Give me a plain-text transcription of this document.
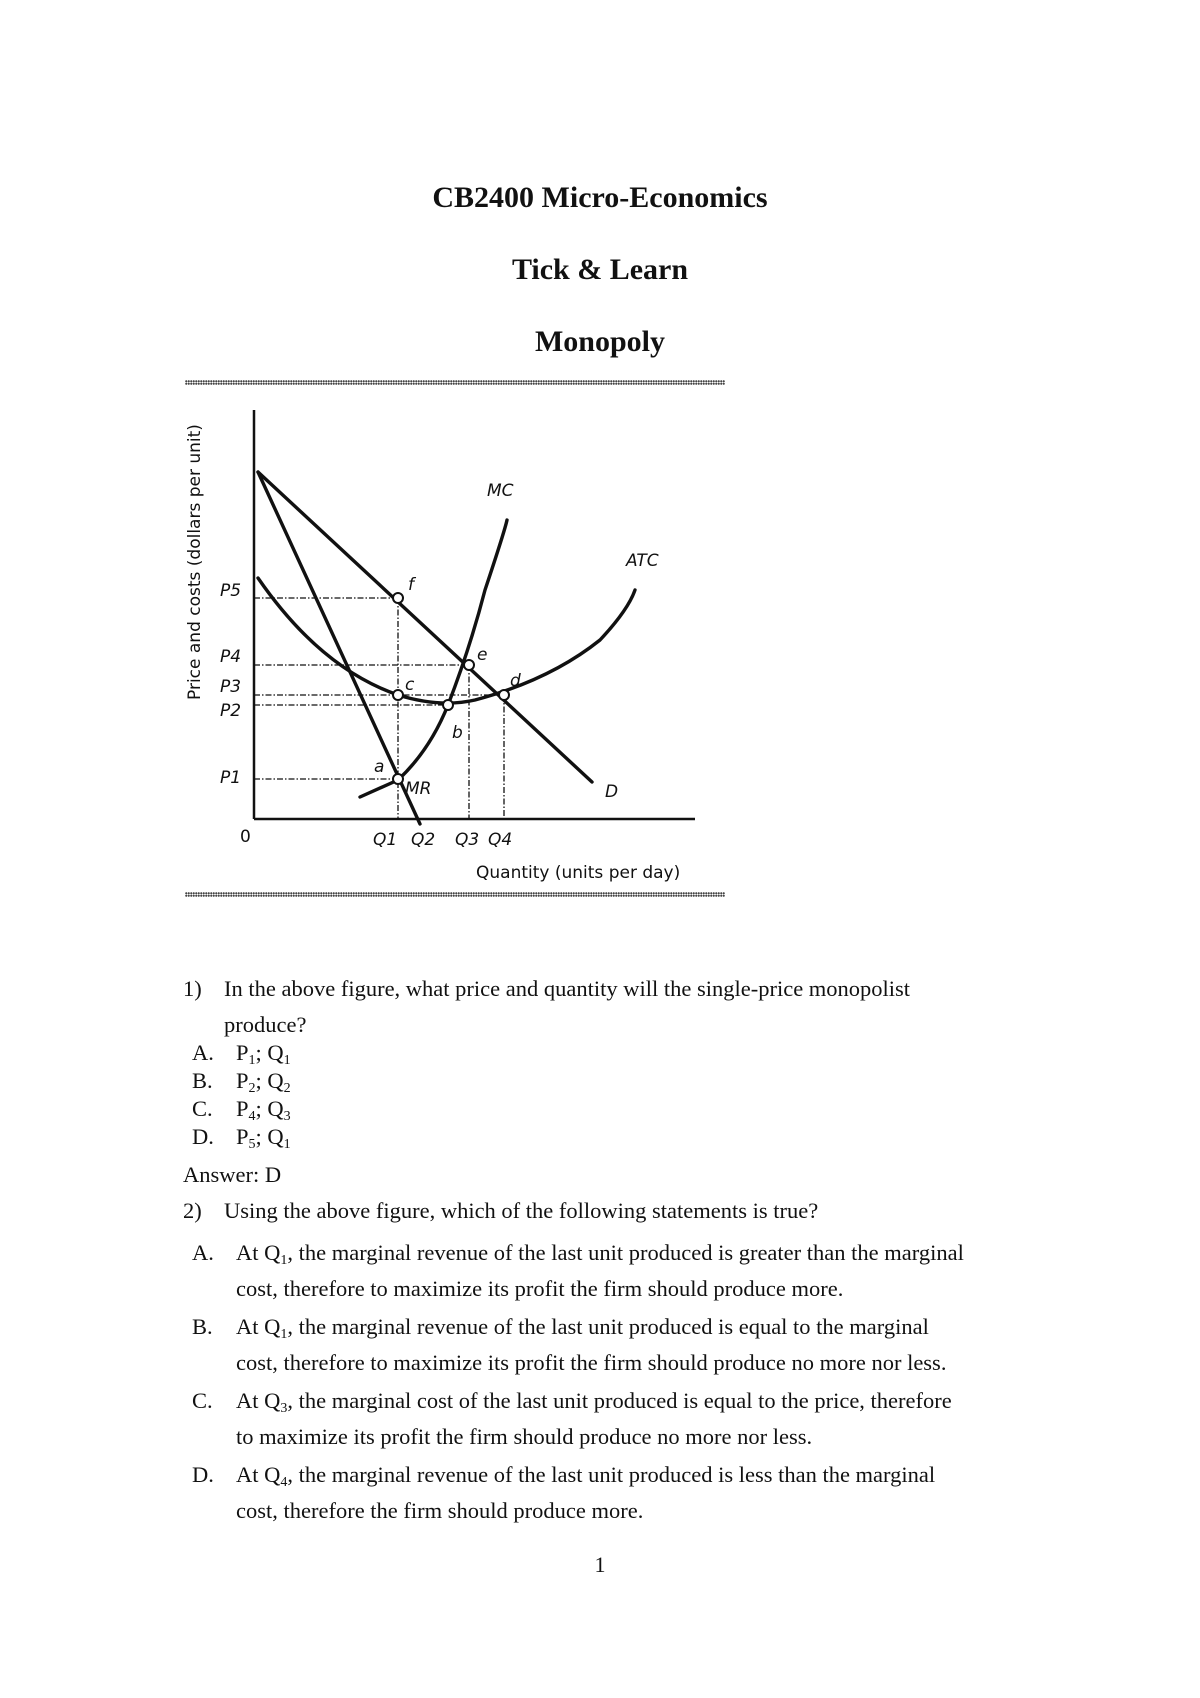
CB2400 Micro-Economics
Tick & Learn
Monopoly
f
e
d
c
b
a
MC
ATC
MR	D
P5
P4
P3
P2
P1
Q1 Q2 Q3 Q4
0
Quantity (units per day)
Price and costs (dollars per unit)
1) In the above figure, what price and quantity will the single-price monopolist
produce?
A. $P_1$; $Q_1$
B. $P_2$; $Q_2$
C. $P_4$; $Q_3$
D. $P_5$; $Q_1$
Answer: D
2) Using the above figure, which of the following statements is true?
A. At $Q_1$, the marginal revenue of the last unit produced is greater than the marginal
cost, therefore to maximize its profit the firm should produce more.
B. At $Q_1$, the marginal revenue of the last unit produced is equal to the marginal
cost, therefore to maximize its profit the firm should produce no more nor less.
C. At $Q_3$, the marginal cost of the last unit produced is equal to the price, therefore
to maximize its profit the firm should produce no more nor less.
D. At $Q_4$, the marginal revenue of the last unit produced is less than the marginal
cost, therefore the firm should produce more.
1
